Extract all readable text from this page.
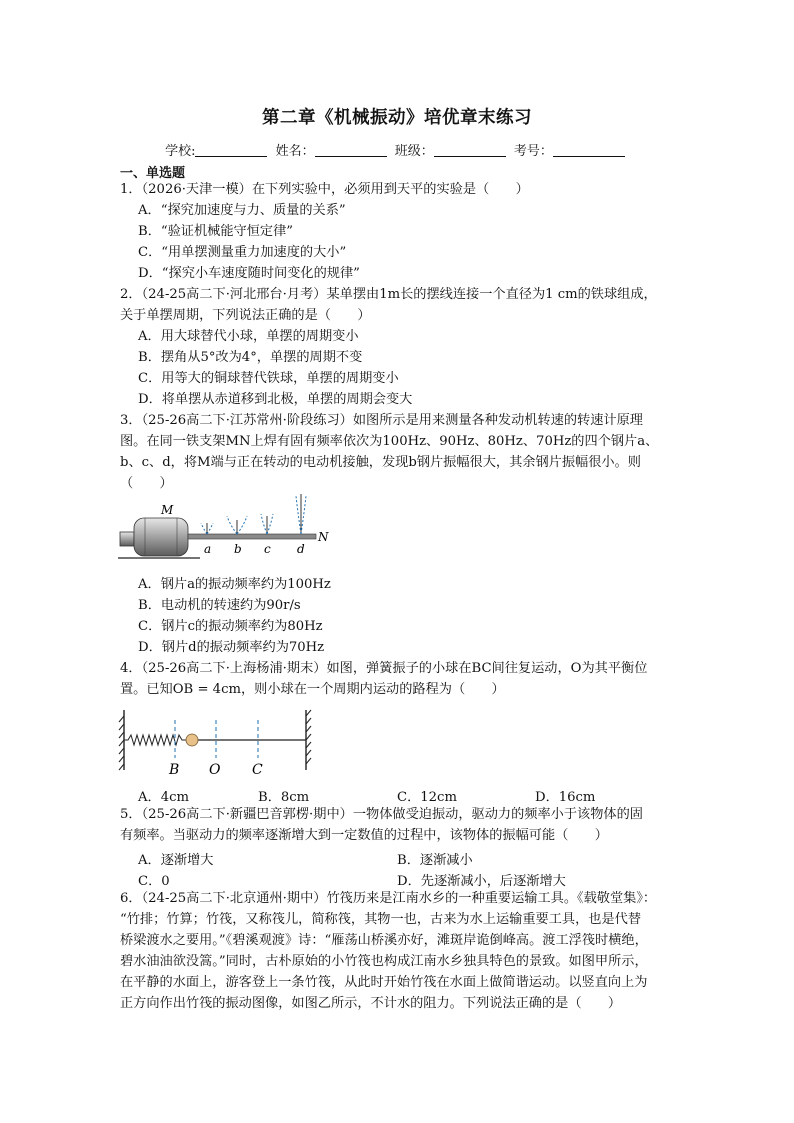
第二章《机械振动》培优章末练习
学校:	姓名：	班级：	考号：
一、单选题
1．（2026·天津一模）在下列实验中，必须用到天平的实验是（　　）
A．“探究加速度与力、质量的关系”
B．“验证机械能守恒定律”
C．“用单摆测量重力加速度的大小”
D．“探究小车速度随时间变化的规律”
2．（24-25高二下·河北邢台·月考）某单摆由1m长的摆线连接一个直径为1 cm的铁球组成，
关于单摆周期，下列说法正确的是（　　）
A．用大球替代小球，单摆的周期变小
B．摆角从5°改为4°，单摆的周期不变
C．用等大的铜球替代铁球，单摆的周期变小
D．将单摆从赤道移到北极，单摆的周期会变大
3．（25-26高二下·江苏常州·阶段练习）如图所示是用来测量各种发动机转速的转速计原理
图。在同一铁支架MN上焊有固有频率依次为100Hz、90Hz、80Hz、70Hz的四个钢片a、
b、c、d，将M端与正在转动的电动机接触，发现b钢片振幅很大，其余钢片振幅很小。则
（　　）
M
a b c d
N
A．钢片a的振动频率约为100Hz
B．电动机的转速约为90r/s
C．钢片c的振动频率约为80Hz
D．钢片d的振动频率约为70Hz
4．（25-26高二下·上海杨浦·期末）如图，弹簧振子的小球在BC间往复运动，O为其平衡位
置。已知OB = 4cm，则小球在一个周期内运动的路程为（　　）
B O C
A．4cm	B．8cm	C．12cm	D．16cm
5．（25-26高二下·新疆巴音郭楞·期中）一物体做受迫振动，驱动力的频率小于该物体的固
有频率。当驱动力的频率逐渐增大到一定数值的过程中，该物体的振幅可能（　　）
A．逐渐增大	B．逐渐减小
C．0	D．先逐渐减小，后逐渐增大
6．（24-25高二下·北京通州·期中）竹筏历来是江南水乡的一种重要运输工具。《载敬堂集》：
“竹排；竹算；竹筏，又称筏儿，简称筏，其物一也，古来为水上运输重要工具，也是代替
桥梁渡水之要用。”《碧溪观渡》诗：“雁荡山桥溪亦好，滩斑岸诡倒峰高。渡工浮筏时横绝，
碧水油油欲没篙。”同时，古朴原始的小竹筏也构成江南水乡独具特色的景致。如图甲所示，
在平静的水面上，游客登上一条竹筏，从此时开始竹筏在水面上做简谐运动。以竖直向上为
正方向作出竹筏的振动图像，如图乙所示，不计水的阻力。下列说法正确的是（　　）
